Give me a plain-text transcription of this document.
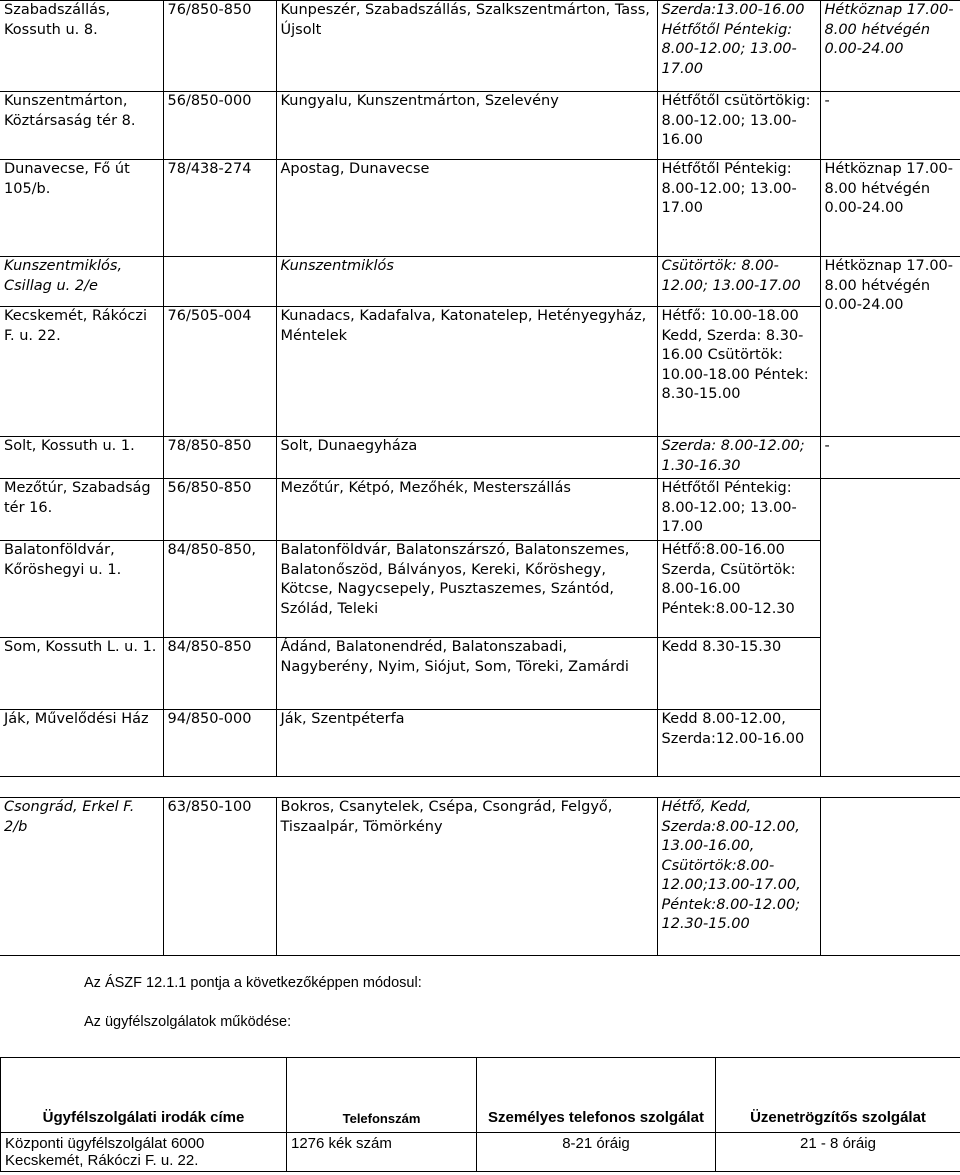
Szabadszállás, Kossuth u. 8.	76/850-850	Kunpeszér, Szabadszállás, Szalkszentmárton, Tass, Újsolt	Szerda:13.00-16.00 Hétfőtől Péntekig: 8.00-12.00; 13.00-17.00	Hétköznap 17.00- 8.00 hétvégén 0.00-24.00
Kunszentmárton, Köztársaság tér 8.	56/850-000	Kungyalu, Kunszentmárton, Szelevény	Hétfőtől csütörtökig: 8.00-12.00; 13.00-16.00	-
Dunavecse, Fő út 105/b.	78/438-274	Apostag, Dunavecse	Hétfőtől Péntekig: 8.00-12.00; 13.00-17.00	Hétköznap 17.00- 8.00 hétvégén 0.00-24.00
Kunszentmiklós, Csillag u. 2/e		Kunszentmiklós	Csütörtök: 8.00-12.00; 13.00-17.00	Hétköznap 17.00- 8.00 hétvégén 0.00-24.00
Kecskemét, Rákóczi F. u. 22.	76/505-004	Kunadacs, Kadafalva, Katonatelep, Hetényegyház, Méntelek	Hétfő: 10.00-18.00 Kedd, Szerda: 8.30-16.00 Csütörtök: 10.00-18.00 Péntek: 8.30-15.00	
Solt, Kossuth u. 1.	78/850-850	Solt, Dunaegyháza	Szerda: 8.00-12.00; 1.30-16.30	-
Mezőtúr, Szabadság tér 16.	56/850-850	Mezőtúr, Kétpó, Mezőhék, Mesterszállás	Hétfőtől Péntekig: 8.00-12.00; 13.00-17.00	
Balatonföldvár, Kőröshegyi u. 1.	84/850-850,	Balatonföldvár, Balatonszárszó, Balatonszemes, Balatonőszöd, Bálványos, Kereki, Kőröshegy, Kötcse, Nagycsepely, Pusztaszemes, Szántód, Szólád, Teleki	Hétfő:8.00-16.00 Szerda, Csütörtök: 8.00-16.00 Péntek:8.00-12.30	
Som, Kossuth L. u. 1.	84/850-850	Ádánd, Balatonendréd, Balatonszabadi, Nagyberény, Nyim, Siójut, Som, Töreki, Zamárdi	Kedd 8.30-15.30	
Ják, Művelődési Ház	94/850-000	Ják, Szentpéterfa	Kedd 8.00-12.00, Szerda:12.00-16.00	

Csongrád, Erkel F. 2/b	63/850-100	Bokros, Csanytelek, Csépa, Csongrád, Felgyő, Tiszaalpár, Tömörkény	Hétfő, Kedd, Szerda:8.00-12.00, 13.00-16.00, Csütörtök:8.00-12.00;13.00-17.00, Péntek:8.00-12.00; 12.30-15.00	
Az ÁSZF 12.1.1 pontja a következőképpen módosul:
Az ügyfélszolgálatok működése:
Ügyfélszolgálati irodák címe	Telefonszám	Személyes telefonos szolgálat	Üzenetrögzítős szolgálat
Központi ügyfélszolgálat 6000 Kecskemét, Rákóczi F. u. 22.	1276 kék szám	8-21 óráig	21 - 8 óráig
